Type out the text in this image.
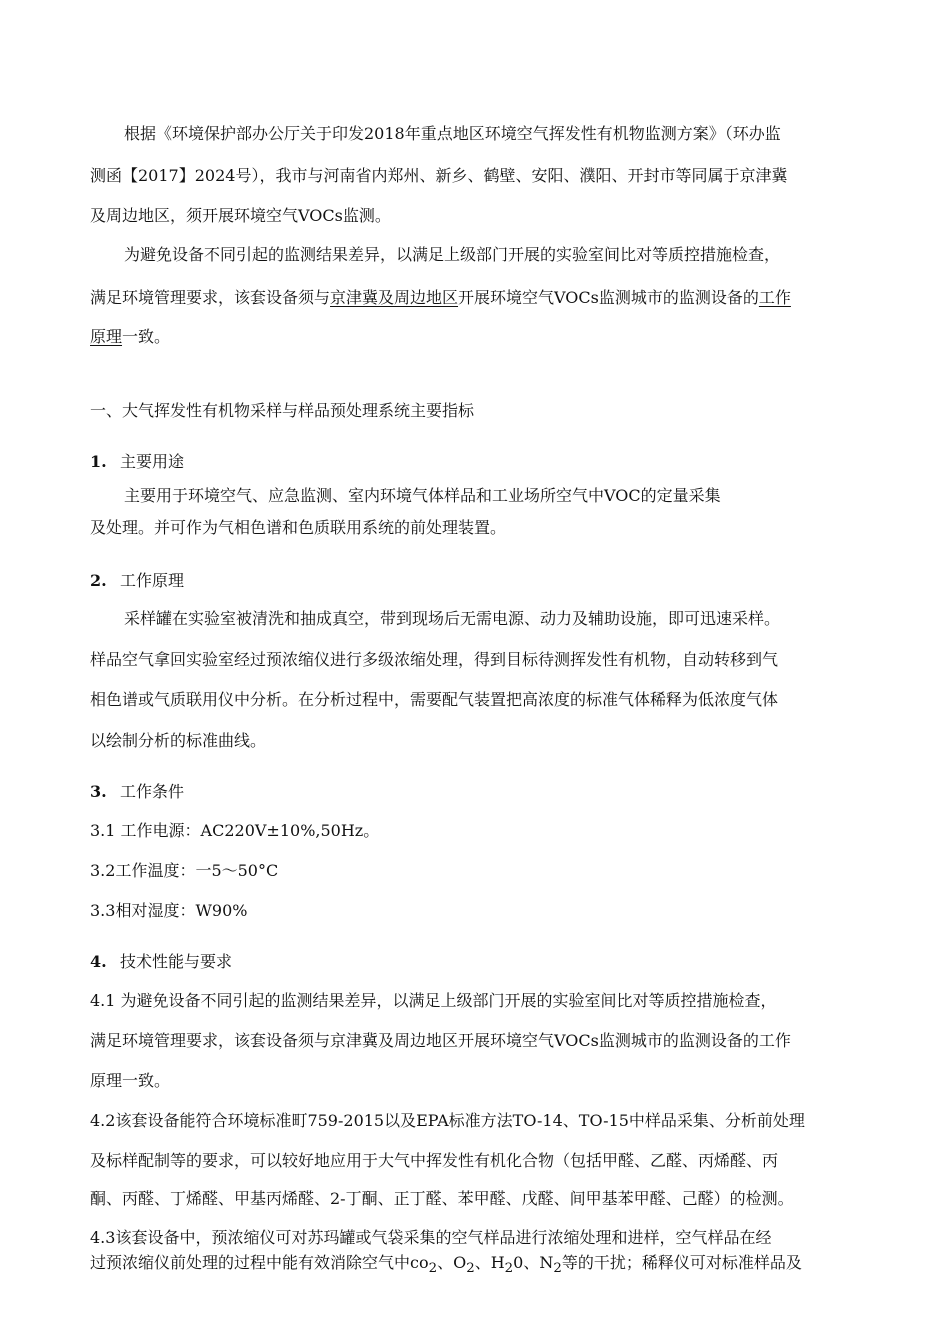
根据《环境保护部办公厅关于印发2018年重点地区环境空气挥发性有机物监测方案》（环办监
测函【2017】2024号），我市与河南省内郑州、新乡、鹤壁、安阳、濮阳、开封市等同属于京津冀
及周边地区，须开展环境空气VOCs监测。
为避免设备不同引起的监测结果差异，以满足上级部门开展的实验室间比对等质控措施检查，
满足环境管理要求，该套设备须与京津冀及周边地区开展环境空气VOCs监测城市的监测设备的工作
原理一致。
一、大气挥发性有机物采样与样品预处理系统主要指标
1. 主要用途
主要用于环境空气、应急监测、室内环境气体样品和工业场所空气中VOC的定量采集
及处理。并可作为气相色谱和色质联用系统的前处理装置。
2. 工作原理
采样罐在实验室被清洗和抽成真空，带到现场后无需电源、动力及辅助设施，即可迅速采样。
样品空气拿回实验室经过预浓缩仪进行多级浓缩处理，得到目标待测挥发性有机物，自动转移到气
相色谱或气质联用仪中分析。在分析过程中，需要配气装置把高浓度的标准气体稀释为低浓度气体
以绘制分析的标准曲线。
3. 工作条件
3.1 工作电源：AC220V±10%,50Hz。
3.2工作温度：一5〜50°C
3.3相对湿度：W90%
4. 技术性能与要求
4.1 为避免设备不同引起的监测结果差异，以满足上级部门开展的实验室间比对等质控措施检查，
满足环境管理要求，该套设备须与京津冀及周边地区开展环境空气VOCs监测城市的监测设备的工作
原理一致。
4.2该套设备能符合环境标准町759-2015以及EPA标准方法TO-14、TO-15中样品采集、分析前处理
及标样配制等的要求，可以较好地应用于大气中挥发性有机化合物（包括甲醛、乙醛、丙烯醛、丙
酮、丙醛、丁烯醛、甲基丙烯醛、2-丁酮、正丁醛、苯甲醛、戊醛、间甲基苯甲醛、己醛）的检测。
4.3该套设备中，预浓缩仪可对苏玛罐或气袋采集的空气样品进行浓缩处理和进样，空气样品在经
过预浓缩仪前处理的过程中能有效消除空气中$co_2$、$O_2$、$H_20$、$N_2$等的干扰；稀释仪可对标准样品及
